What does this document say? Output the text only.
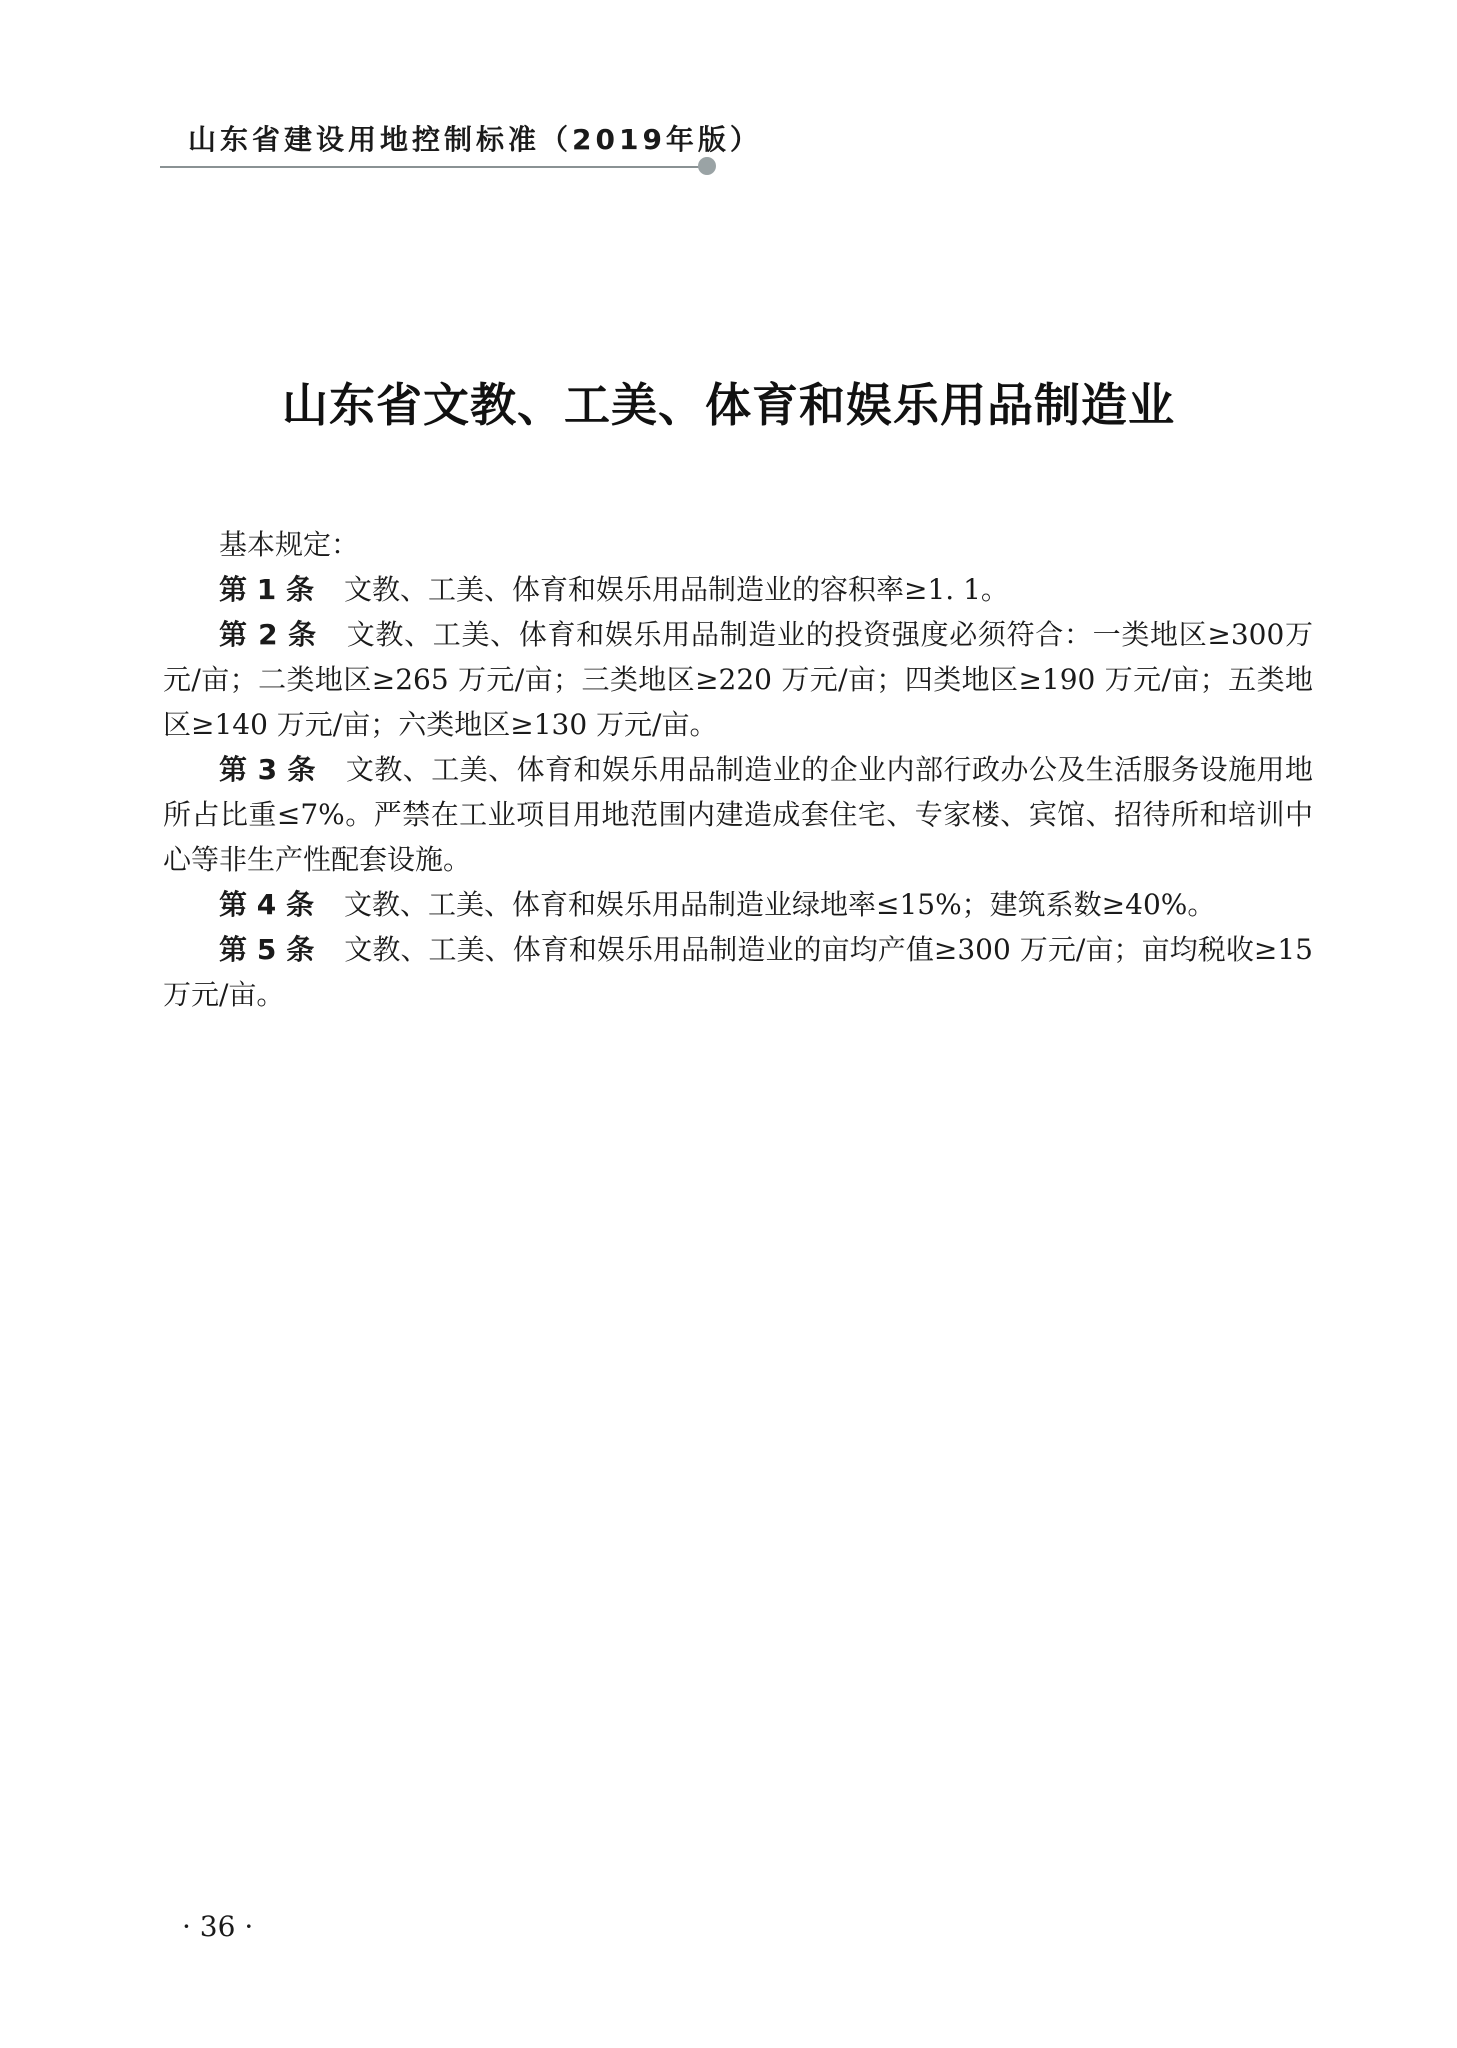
山东省建设用地控制标准（2019年版）
山东省文教、工美、体育和娱乐用品制造业

基本规定：

第 1 条 文教、工美、体育和娱乐用品制造业的容积率≥1. 1。

第 2 条 文教、工美、体育和娱乐用品制造业的投资强度必须符合：一类地区≥300万元/亩；二类地区≥265 万元/亩；三类地区≥220 万元/亩；四类地区≥190 万元/亩；五类地区≥140 万元/亩；六类地区≥130 万元/亩。

第 3 条 文教、工美、体育和娱乐用品制造业的企业内部行政办公及生活服务设施用地所占比重≤7%。严禁在工业项目用地范围内建造成套住宅、专家楼、宾馆、招待所和培训中心等非生产性配套设施。

第 4 条 文教、工美、体育和娱乐用品制造业绿地率≤15%；建筑系数≥40%。

第 5 条 文教、工美、体育和娱乐用品制造业的亩均产值≥300 万元/亩；亩均税收≥15 万元/亩。

· 36 ·
